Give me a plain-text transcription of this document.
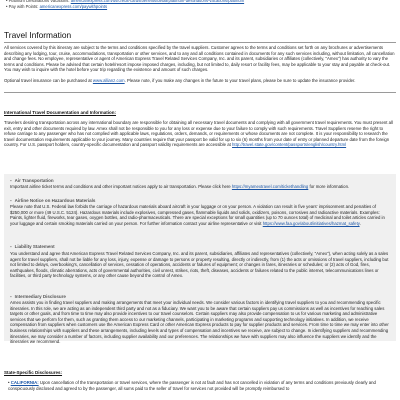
• Platinum Destinations Vacations: americanexpress.com/us/credit-cards/benefits/detail/platinum-destinations-vacations/platinum
• Pay with Points: americanexpress.com/paywithpoints
Travel Information
All services covered by this itinerary are subject to the terms and conditions specified by the travel suppliers. Customer agrees to the terms and conditions set forth on any brochures or advertisements describing any lodging, tour, cruise, accommodations, transportation or other services, and to any and all conditions contained in documents for any such services including, without limitation, all cancellation and change fees. No employee, representative or agent of American Express Travel Related Services Company, Inc. and its parent, subsidiaries or affiliates (collectively, "Amex") has authority to vary the terms and conditions. Please be advised that certain hotel/resort impose imposed charges, including, but not limited to, daily resort or facility fees, may be applicable to your stay and payable at check-out. You may wish to inquire with the hotel before your trip regarding the existence and amount of such charges.
Optional travel insurance can be purchased at www.allianz.com. Please note, if you make any changes in the future to your travel plans, please be sure to update the insurance provider.
International Travel Documentation and Information:
Travelers desiring transportation across any international boundary are responsible for obtaining all necessary travel documents and complying with all government travel requirements. You must present all exit, entry and other documents required by law. Amex shall not be responsible to you for any loss or expense due to your failure to comply with such requirements. Travel Suppliers reserve the right to refuse carriage to any passenger who has not complied with applicable laws, regulations, orders, demands, or requirements or whose documents are not complete. It is your responsibility to research the travel documentation requirements applicable to your journey. Many countries require that your passport be valid for up to six (6) months from your date of entry or planned departure date from the foreign country. For U.S. passport holders, country-specific documentation and passport validity requirements are accessible at http://travel.state.gov/content/passports/english/country.html
▪ Air Transportation
Important airline ticket terms and conditions and other important notices apply to air transportation. Please click here https://myamextravel.com/tickethandling for more information.
▪ Airline Notice on Hazardous Materials
Please note that U.S. Federal law forbids the carriage of hazardous materials aboard aircraft in your luggage or on your person. A violation can result in five years' imprisonment and penalties of $250,000 or more (49 U.S.C. 5124). Hazardous materials include explosives, compressed gases, flammable liquids and solids, oxidizers, poisons, corrosives and radioactive materials. Examples: Paints, lighter fluid, fireworks, tear gases, oxygen bottles, and radio-pharmaceuticals. There are special exceptions for small quantities (up to 70 ounces total) of medicinal and toilet articles carried in your luggage and certain smoking materials carried on your person. For further information contact your airline representative or visit https://www.faa.gov/about/initiatives/hazmat_safety.
▪ Liability Statement
You understand and agree that American Express Travel Related Services Company, Inc. and its parent, subsidiaries, affiliates and representatives (collectively, "Amex"), when acting solely as a sales agent for travel suppliers, shall not be liable for any loss, injury, expense or damage to persons or property resulting, directly or indirectly, from (1) the acts or omissions of travel suppliers, including but not limited to delays, overbooking's, cancellation of services, cessation of operations, accidents or failures of equipment; or changes in fares, itineraries or schedules; or (2) acts of God, fires, earthquakes, floods, climatic aberrations, acts of governmental authorities, civil unrest, strikes, riots, theft, diseases, accidents or failures related to the public internet, telecommunications lines or facilities, or third party technology systems, or any other cause beyond the control of Amex.
▪ Intermediary Disclosure
Amex assists you in finding travel suppliers and making arrangements that meet your individual needs. We consider various factors in identifying travel suppliers to you and recommending specific itineraries. In this role, we are acting as an independent third party and not as a fiduciary. We want you to be aware that certain suppliers pay us commissions as well as incentives for reaching sales targets or other goals, and from time to time may also provide incentives to our travel counselors. Certain suppliers may also provide compensation to us for various marketing and administrative services that we perform for them, such as granting them access to our marketing channels, participating in marketing programs and supporting technology initiatives. In addition, we receive compensation from suppliers when customers use the American Express Card or other American Express products to pay for supplier products and services. From time to time we may enter into other business relationships with suppliers and these arrangements, including levels and types of compensation and incentives we receive, are subject to change. In identifying suppliers and recommending itineraries, we may consider a number of factors, including supplier availability and our preferences. The relationships we have with suppliers may also influence the suppliers we identify and the itineraries we recommend.
State-Specific Disclosures:
• CALIFORNIA: Upon cancellation of the transportation or travel services, where the passenger is not at fault and has not cancelled in violation of any terms and conditions previously clearly and conspicuously disclosed and agreed to by the passenger, all sums paid to the seller of travel for services not provided will be promptly reimbursed to
